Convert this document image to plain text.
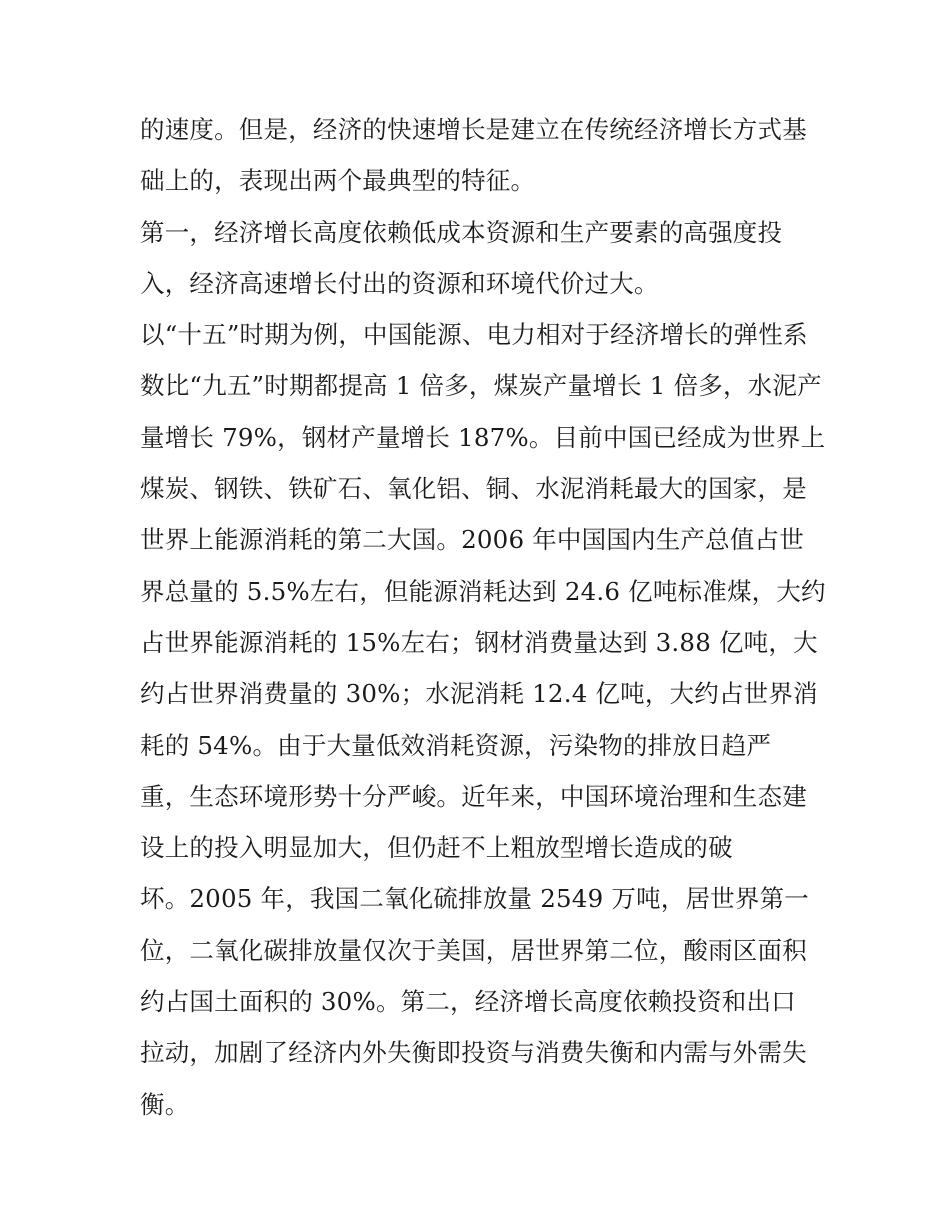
的速度。但是，经济的快速增长是建立在传统经济增长方式基
础上的，表现出两个最典型的特征。
第一，经济增长高度依赖低成本资源和生产要素的高强度投
入，经济高速增长付出的资源和环境代价过大。
以“十五”时期为例，中国能源、电力相对于经济增长的弹性系
数比“九五”时期都提高 1 倍多，煤炭产量增长 1 倍多，水泥产
量增长 79%，钢材产量增长 187%。目前中国已经成为世界上
煤炭、钢铁、铁矿石、氧化铝、铜、水泥消耗最大的国家，是
世界上能源消耗的第二大国。2006 年中国国内生产总值占世
界总量的 5.5%左右，但能源消耗达到 24.6 亿吨标准煤，大约
占世界能源消耗的 15%左右；钢材消费量达到 3.88 亿吨，大
约占世界消费量的 30%；水泥消耗 12.4 亿吨，大约占世界消
耗的 54%。由于大量低效消耗资源，污染物的排放日趋严
重，生态环境形势十分严峻。近年来，中国环境治理和生态建
设上的投入明显加大，但仍赶不上粗放型增长造成的破
坏。2005 年，我国二氧化硫排放量 2549 万吨，居世界第一
位，二氧化碳排放量仅次于美国，居世界第二位，酸雨区面积
约占国土面积的 30%。第二，经济增长高度依赖投资和出口
拉动，加剧了经济内外失衡即投资与消费失衡和内需与外需失
衡。
